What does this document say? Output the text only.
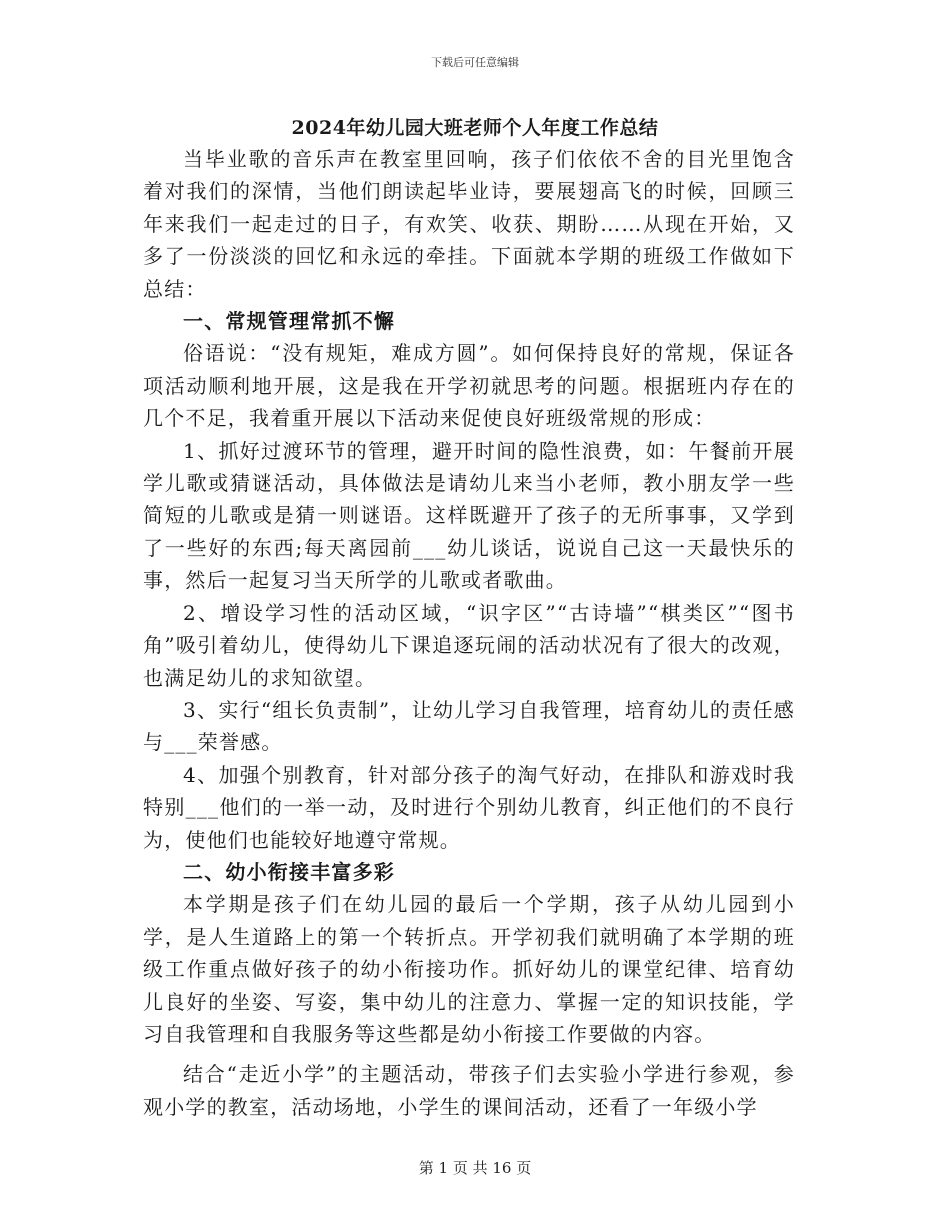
下载后可任意编辑
2024年幼儿园大班老师个人年度工作总结

当毕业歌的音乐声在教室里回响，孩子们依依不舍的目光里饱含着对我们的深情，当他们朗读起毕业诗，要展翅高飞的时候，回顾三年来我们一起走过的日子，有欢笑、收获、期盼……从现在开始，又多了一份淡淡的回忆和永远的牵挂。下面就本学期的班级工作做如下总结：

一、常规管理常抓不懈

俗语说：“没有规矩，难成方圆”。如何保持良好的常规，保证各项活动顺利地开展，这是我在开学初就思考的问题。根据班内存在的几个不足，我着重开展以下活动来促使良好班级常规的形成：

1、抓好过渡环节的管理，避开时间的隐性浪费，如：午餐前开展学儿歌或猜谜活动，具体做法是请幼儿来当小老师，教小朋友学一些简短的儿歌或是猜一则谜语。这样既避开了孩子的无所事事，又学到了一些好的东西;每天离园前___幼儿谈话，说说自己这一天最快乐的事，然后一起复习当天所学的儿歌或者歌曲。

2、增设学习性的活动区域，“识字区”“古诗墙”“棋类区”“图书角”吸引着幼儿，使得幼儿下课追逐玩闹的活动状况有了很大的改观，也满足幼儿的求知欲望。

3、实行“组长负责制”，让幼儿学习自我管理，培育幼儿的责任感与___荣誉感。

4、加强个别教育，针对部分孩子的淘气好动，在排队和游戏时我特别___他们的一举一动，及时进行个别幼儿教育，纠正他们的不良行为，使他们也能较好地遵守常规。

二、幼小衔接丰富多彩

本学期是孩子们在幼儿园的最后一个学期，孩子从幼儿园到小学，是人生道路上的第一个转折点。开学初我们就明确了本学期的班级工作重点做好孩子的幼小衔接功作。抓好幼儿的课堂纪律、培育幼儿良好的坐姿、写姿，集中幼儿的注意力、掌握一定的知识技能，学习自我管理和自我服务等这些都是幼小衔接工作要做的内容。

结合“走近小学”的主题活动，带孩子们去实验小学进行参观，参观小学的教室，活动场地，小学生的课间活动，还看了一年级小学

第 1 页 共 16 页
